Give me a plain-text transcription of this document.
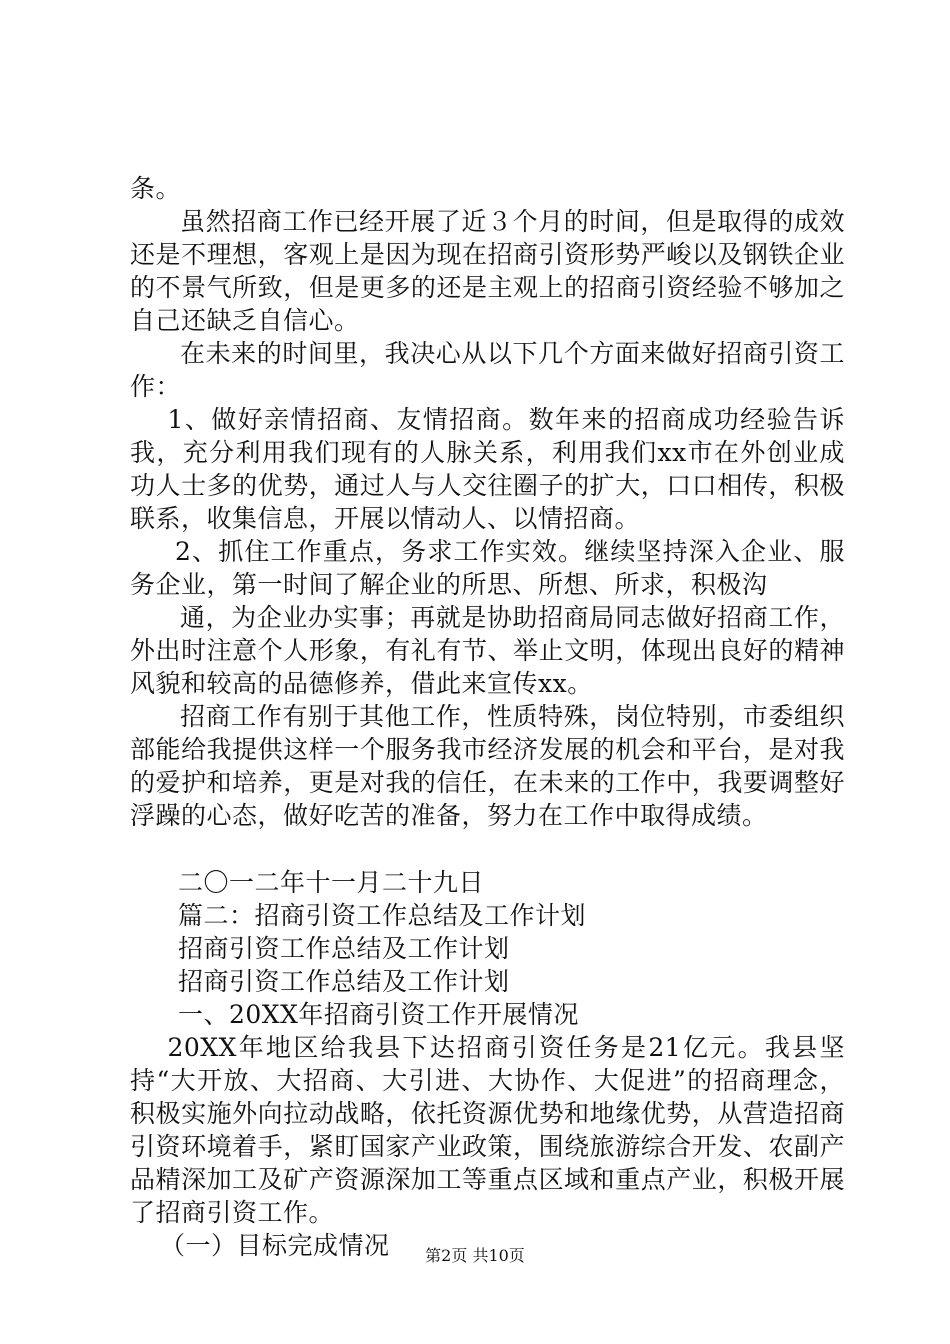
条。

虽然招商工作已经开展了近３个月的时间，但是取得的成效还是不理想，客观上是因为现在招商引资形势严峻以及钢铁企业的不景气所致，但是更多的还是主观上的招商引资经验不够加之自己还缺乏自信心。

在未来的时间里，我决心从以下几个方面来做好招商引资工作：

1、做好亲情招商、友情招商。数年来的招商成功经验告诉我，充分利用我们现有的人脉关系，利用我们xx市在外创业成功人士多的优势，通过人与人交往圈子的扩大，口口相传，积极联系，收集信息，开展以情动人、以情招商。

2、抓住工作重点，务求工作实效。继续坚持深入企业、服务企业，第一时间了解企业的所思、所想、所求，积极沟

通，为企业办实事；再就是协助招商局同志做好招商工作，外出时注意个人形象，有礼有节、举止文明，体现出良好的精神风貌和较高的品德修养，借此来宣传xx。

招商工作有别于其他工作，性质特殊，岗位特别，市委组织部能给我提供这样一个服务我市经济发展的机会和平台，是对我的爱护和培养，更是对我的信任，在未来的工作中，我要调整好浮躁的心态，做好吃苦的准备，努力在工作中取得成绩。

二〇一二年十一月二十九日

篇二：招商引资工作总结及工作计划

招商引资工作总结及工作计划

招商引资工作总结及工作计划

一、20XX年招商引资工作开展情况

20XX年地区给我县下达招商引资任务是21亿元。我县坚持“大开放、大招商、大引进、大协作、大促进”的招商理念，积极实施外向拉动战略，依托资源优势和地缘优势，从营造招商引资环境着手，紧盯国家产业政策，围绕旅游综合开发、农副产品精深加工及矿产资源深加工等重点区域和重点产业，积极开展了招商引资工作。

（一）目标完成情况	第2页 共10页
